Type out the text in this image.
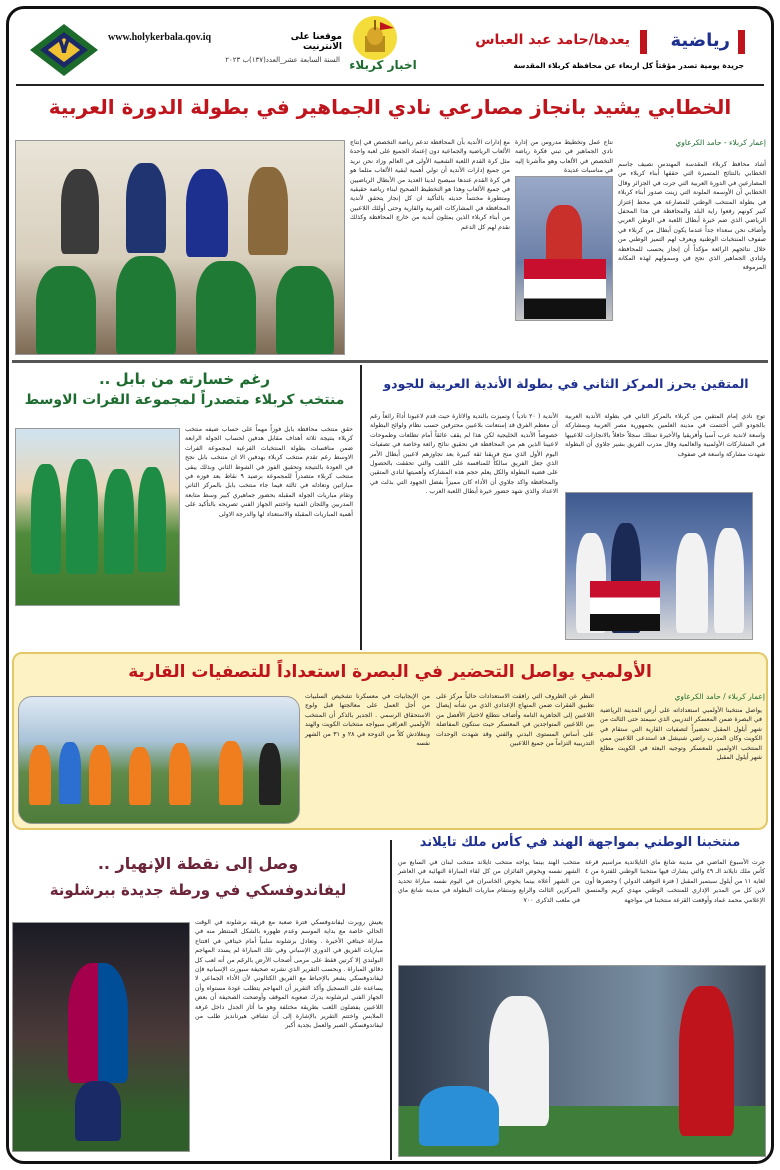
٧	موقعنا على الانترنيت
www.holykerbala.qov.iq
السنة السابعة عشر_العدد(١٣٧)ب ٢٠٢٣ اخبار كربلاء
رياضية
يعدها/حامد عبد العباس
جريدة يومية تصدر مؤقتاً كل اربعاء عن محافظة كربلاء المقدسة
الخطابي يشيد بانجاز مصارعي نادي الجماهير في بطولة الدورة العربية
إعمار كربلاء - حامد الكرعاوي
أشاد محافظ كربلاء المقدسة المهندس نصيف جاسم الخطابي بالنتائج المتميزة التي حققها أبناء كربلاء من المصارعين في الدورة العربية التي جرت في الجزائر وقال الخطابي أن الأوسمة الملونة التي زينت صدور أبناء كربلاء في بطولة المنتخب الوطني للمصارعة هي محط إعتزاز كبير كونهم رفعوا راية البلد والمحافظة في هذا المحفل الرياضي الذي ضم خيرة أبطال اللعبة في الوطن العربي وأضاف نحن سعداء جداً عندما يكون أبطال من كربلاء في صفوف المنتخبات الوطنية ويعرف لهم التميز الوطني من خلال نتائجهم الرائعة مؤكداً أن إنجاز يحسب للمحافظة ولنادي الجماهير الذي نجح في وسمولهم لهذه المكانة المرموقة
نتاج عمل وتخطيط مدروس من إدارة نادي الجماهير في تبني فكرة رياضة التخصص في الألعاب وهو ماأشرنا إليه في مناسبات عديدة
مع إدارات الأندية بأن المحافظة تدعم رياضة التخصص في إنتاج الألعاب الرياضية والجماعية دون إعتماد الجميع على لعبة واحدة مثل كرة القدم اللعبة الشعبية الأولى في العالم وزاد نحن نريد من جميع إدارات الأندية أن تولي أهمية لبقية الألعاب مثلما هو في كرة القدم عندها سيصبح لدينا العديد من الأبطال الرياضيين في جميع الألعاب وهذا هو التخطيط الصحيح لبناء رياضة حقيقية ومتطورة مختتماً حديثه بالتأكيد ان كل إنجاز يتحقق لأندية المحافظة في المشاركات العربية والقارية وحتى أولئك اللاعبين من أبناء كربلاء الذين يمثلون أندية من خارج المحافظة وكذلك نقدم لهم كل الدعم
رغم خسارته من بابل ..
منتخب كربلاء متصدراً لمجموعة الفرات الاوسط
حقق منتخب محافظة بابل فوزاً مهماً على حساب ضيفه منتخب كربلاء بنتيجة ثلاثة أهداف مقابل هدفين لحساب الجولة الرابعة ضمن منافسات بطولة المنتخبات الفرعية لمجموعة الفرات الاوسط رغم تقدم منتخب كربلاء بهدفين الا ان منتخب بابل نجح في العودة بالنتيجة وتحقيق الفوز في الشوط الثاني وبذلك يبقى منتخب كربلاء متصدراً للمجموعة برصيد ٩ نقاط بعد فوزه في مباراتين وتعادله في ثالثة فيما جاء منتخب بابل بالمركز الثاني وتقام مباريات الجولة المقبلة بحضور جماهيري كبير وسط متابعة المدربين واللجان الفنية واختتم الجهاز الفني تصريحه بالتأكيد على أهمية المباريات المقبلة والاستعداد لها والدرجة الاولى
المتقين يحرز المركز الثاني في بطولة الأندية العربية للجودو
توج نادي إمام المتقين من كربلاء بالمركز الثاني في بطولة الأندية العربية بالجودو التي أختتمت في مدينة العلمين بجمهورية مصر العربية وبمشاركة واسعة لاندية عرب آسيا وأفريقيا والأخيرة تمتلك سجلاً حافلاً بالانجازات للاعبيها في المشاركات الأولمبية والعالمية وقال مدرب الفريق بشير جلاوي أن البطولة شهدت مشاركة واسعة في صفوف
الأندية ( ٢٠ نادياً ) وتميزت بالندية والاثارة حيث قدم لاعبونا أداءً رائعاً رغم أن معظم الفرق قد إستعانت بلاعبين محترفين حسب نظام ولوائح البطولة خصوصاً الأندية الخليجية لكن هذا لم يقف عائقاً أمام تطلعات وطموحات لاعبينا الذين هم من المحافظة في تحقيق نتائج رائعة وخاصة في تصفيات اليوم الأول الذي منح فريقنا ثقة كبيرة بعد تجاوزهم لاعبين أبطال الأمر الذي جعل الفريق سالكاً للمنافسة على اللقب والتي تحققت بالحصول على فضية البطولة والكل يعلم حجم هذه المشاركة وأهميتها لنادي المتقين والمحافظة واكد جلاوي أن الأداء كان مميزاً بفضل الجهود التي بذلت في الاعداد والذي شهد حضور خيرة أبطال اللعبة العرب .
الأولمبي يواصل التحضير في البصرة استعداداً للتصفيات القارية
إعمار كربلاء / حامد الكرعاوي
يواصل منتخبنا الأولمبي استعداداته على أرض المدينة الرياضية في البصرة ضمن المعسكر التدريبي الذي سيمتد حتى الثالث من شهر أيلول المقبل تحضيراً لتصفيات القارية التي ستقام في الكويت وكان المدرب راضي شنيشل قد استدعى اللاعبين ممن المنتخب الاولمبي للمعسكر وتوجيه البعثة في الكويت مطلع شهر أيلول المقبل
النظر عن الظروف التي رافقت الاستعدادات حالياً مركز على تطبيق الفقرات ضمن المنهاج الإعدادي الذي من شأنه إيصال اللاعبين إلى الجاهزية التامة وأضاف نتطلع لاختيار الأفضل من بين اللاعبين المتواجدين في المعسكر حيث ستكون المفاضلة على أساس المستوى البدني والفني وقد شهدت الوحدات التدريبية التزاماً من جميع اللاعبين
من الإيجابيات في معسكرنا تشخيص السلبيات من أجل العمل على معالجتها قبل ولوج الاستحقاق الرسمي . الجدير بالذكر أن المنتخب الأولمبي العراقي سيواجه منتخبات الكويت والهند وبنغلادش كلاً من الدوحة في ٢٨ و ٣١ من الشهر نفسه
منتخبنا الوطني بمواجهة الهند في كأس ملك تايلاند
جرت الأسبوع الماضي في مدينة شانغ ماي التايلاندية مراسيم قرعة كأس ملك تايلاند الـ ٤٩ والتي يشارك فيها منتخبنا الوطني للفترة من ٤ لغاية ١١ من أيلول سبتمبر المقبل ( فترة التوقف الدولي ) وحضرها أون لاين كل من المدير الإداري للمنتخب الوطني مهدي كريم والمنسق الإعلامي محمد عماد وأوقعت القرعة منتخبنا في مواجهة
منتخب الهند بينما يواجه منتخب تايلاند منتخب لبنان في السابع من الشهر نفسه ويخوض الفائزان من كل لقاء المباراة النهائية في العاشر من الشهر أعلاه بينما يخوض الخاسران في اليوم نفسه مباراة تحديد المركزين الثالث والرابع وستقام مباريات البطولة في مدينة شانغ ماي في ملعب الذكرى ٧٠٠
وصل إلى نقطة الإنهيار ..
ليفاندوفسكي في ورطة جديدة ببرشلونة
يعيش روبرت ليفاندوفسكي فترة صعبة مع فريقه برشلونة في الوقت الحالي خاصة مع بداية الموسم وعدم ظهوره بالشكل المنتظر منه في مباراة خيتافي الأخيرة . وتعادل برشلونة سلبياً أمام خيتافي في افتتاح مباريات الفريق في الدوري الإسباني وفي تلك المباراة لم يسدد المهاجم البولندي إلا كرتين فقط على مرمى أصحاب الأرض بالرغم من أنه لعب كل دقائق المباراة . وبحسب التقرير الذي نشرته صحيفة سبورت الإسبانية فإن ليفاندوفسكي يشعر بالإحباط مع الفريق الكتالوني لأن الأداء الجماعي لا يساعده على التسجيل وأكد التقرير أن المهاجم يتطلب عودة مستواه وأن الجهاز الفني لبرشلونة يدرك صعوبة الموقف وأوضحت الصحيفة أن بعض اللاعبين يفضلون اللعب بطريقة مختلفة وهو ما أثار الجدل داخل غرفة الملابس واختتم التقرير بالإشارة إلى أن تشافي هيرنانديز طلب من ليفاندوفسكي الصبر والعمل بجدية أكبر
